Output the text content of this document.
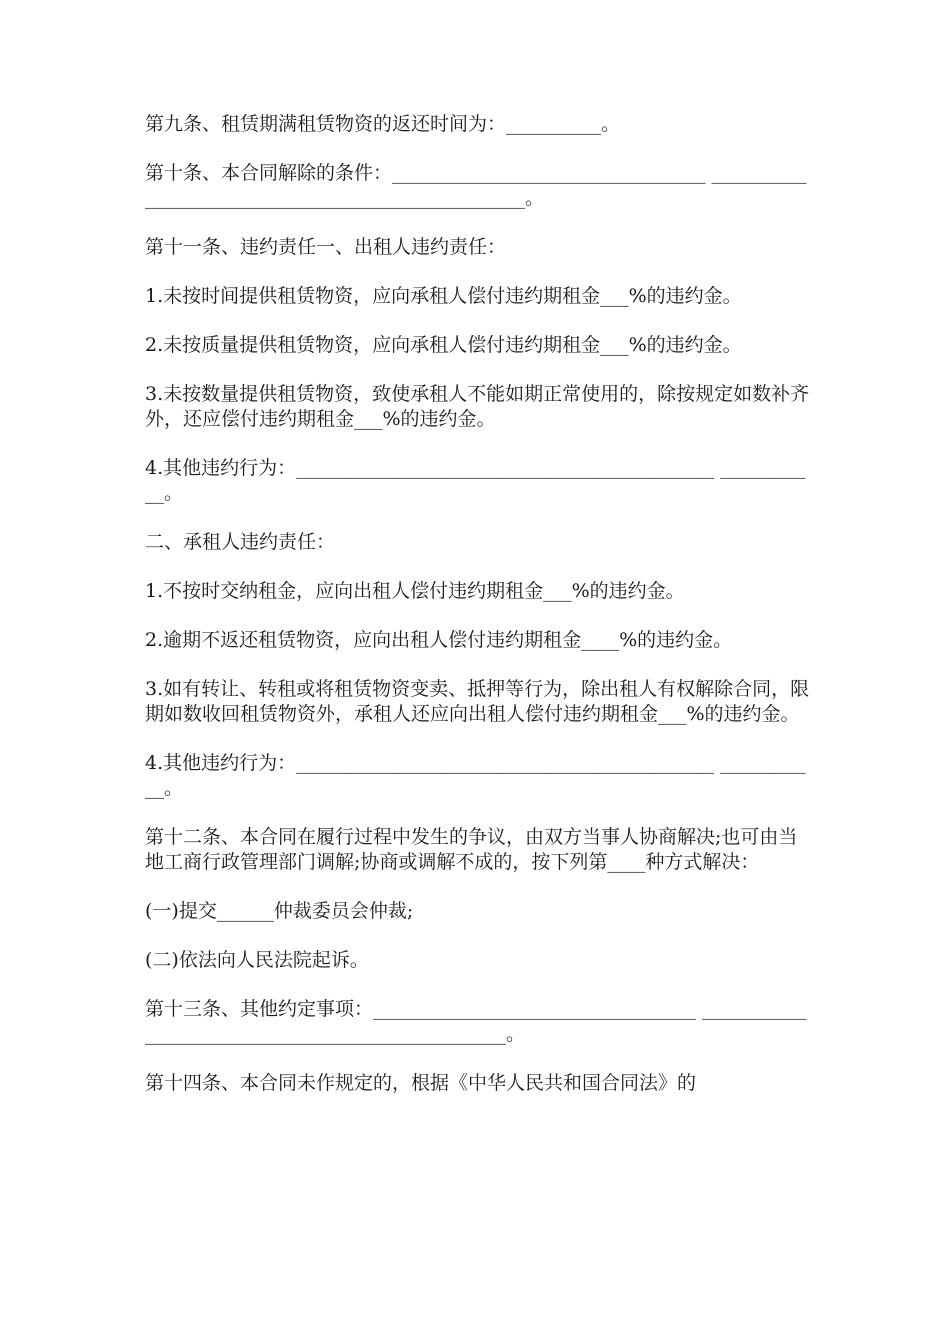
第九条、租赁期满租赁物资的返还时间为：__________。

第十条、本合同解除的条件：_________________________________ __________________________________________________。

第十一条、违约责任一、出租人违约责任：

1.未按时间提供租赁物资，应向承租人偿付违约期租金___%的违约金。

2.未按质量提供租赁物资，应向承租人偿付违约期租金___%的违约金。

3.未按数量提供租赁物资，致使承租人不能如期正常使用的，除按规定如数补齐外，还应偿付违约期租金___%的违约金。

4.其他违约行为：____________________________________________ ___________。

二、承租人违约责任：

1.不按时交纳租金，应向出租人偿付违约期租金___%的违约金。

2.逾期不返还租赁物资，应向出租人偿付违约期租金____%的违约金。

3.如有转让、转租或将租赁物资变卖、抵押等行为，除出租人有权解除合同，限期如数收回租赁物资外，承租人还应向出租人偿付违约期租金___%的违约金。

4.其他违约行为：____________________________________________ ___________。

第十二条、本合同在履行过程中发生的争议，由双方当事人协商解决;也可由当地工商行政管理部门调解;协商或调解不成的，按下列第____种方式解决：

(一)提交______仲裁委员会仲裁;

(二)依法向人民法院起诉。

第十三条、其他约定事项：__________________________________ _________________________________________________。

第十四条、本合同未作规定的，根据《中华人民共和国合同法》的
